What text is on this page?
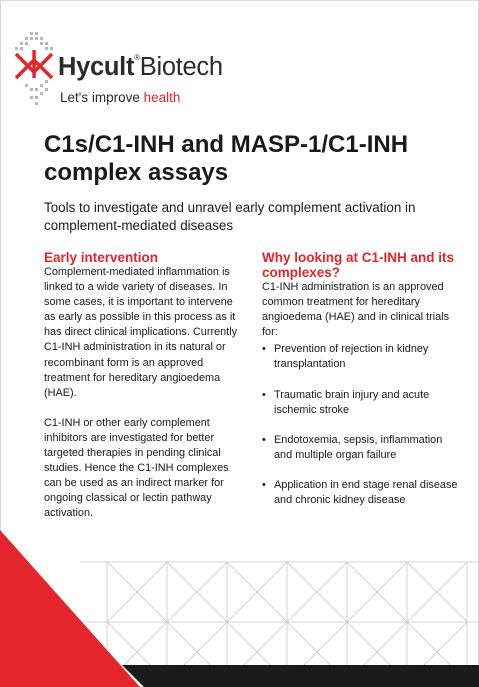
Hycult®Biotech
Let's improve health
C1s/C1-INH and MASP-1/C1-INH complex assays

Tools to investigate and unravel early complement activation in complement-mediated diseases

Early intervention

Complement-mediated inflammation is linked to a wide variety of diseases. In some cases, it is important to intervene as early as possible in this process as it has direct clinical implications. Currently C1-INH administration in its natural or recombinant form is an approved treatment for hereditary angioedema (HAE).

C1-INH or other early complement inhibitors are investigated for better targeted therapies in pending clinical studies. Hence the C1-INH complexes can be used as an indirect marker for ongoing classical or lectin pathway activation.

Why looking at C1-INH and its complexes?

C1-INH administration is an approved common treatment for hereditary angioedema (HAE) and in clinical trials for:

• Prevention of rejection in kidney transplantation
• Traumatic brain injury and acute ischemic stroke
• Endotoxemia, sepsis, inflammation and multiple organ failure
• Application in end stage renal disease and chronic kidney disease
